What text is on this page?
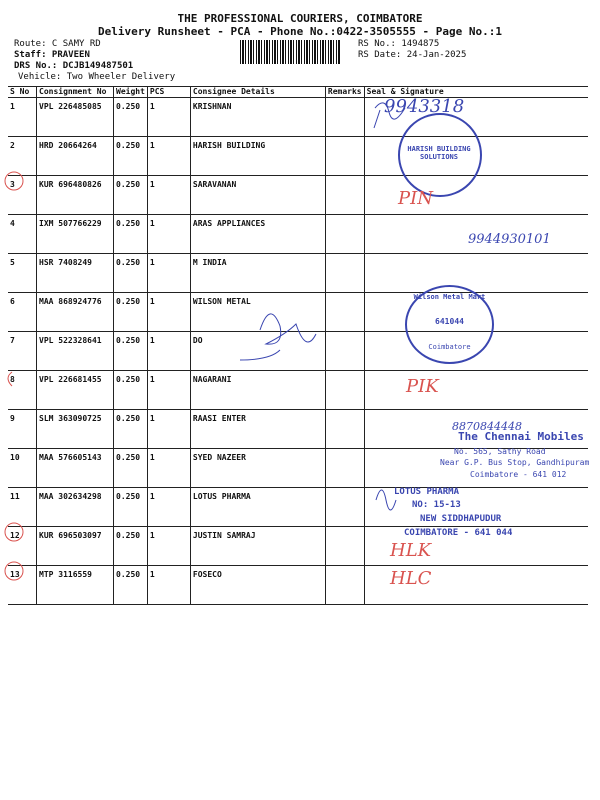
THE PROFESSIONAL COURIERS, COIMBATORE
Delivery Runsheet - PCA - Phone No.:0422-3505555 - Page No.:1
Route: C SAMY RD
Staff: PRAVEEN
DRS No.: DCJB149487501
Vehicle: Two Wheeler Delivery
RS No.: 1494875
RS Date: 24-Jan-2025
S No	Consignment No	Weight	PCS	Consignee Details	Remarks	Seal & Signature
1	VPL 226485085	0.250	1	KRISHNAN		
2	HRD 20664264	0.250	1	HARISH BUILDING		
3	KUR 696480826	0.250	1	SARAVANAN		
4	IXM 507766229	0.250	1	ARAS APPLIANCES		
5	HSR 7408249	0.250	1	M INDIA		
6	MAA 868924776	0.250	1	WILSON METAL		
7	VPL 522328641	0.250	1	DO		
8	VPL 226681455	0.250	1	NAGARANI		
9	SLM 363090725	0.250	1	RAASI ENTER		
10	MAA 576605143	0.250	1	SYED NAZEER		
11	MAA 302634298	0.250	1	LOTUS PHARMA		
12	KUR 696503097	0.250	1	JUSTIN SAMRAJ		
13	MTP 3116559	0.250	1	FOSECO		
HARISH BUILDING SOLUTIONS
Wilson Metal Mart
641044
Coimbatore
The Chennai Mobiles
No. 565, Sathy Road
Near G.P. Bus Stop, Gandhipuram
Coimbatore - 641 012
LOTUS PHARMA
NO: 15-13
NEW SIDDHAPUDUR
COIMBATORE - 641 044
9943318
PIN
9944930101
PIK
8870844448
HLK
HLC
